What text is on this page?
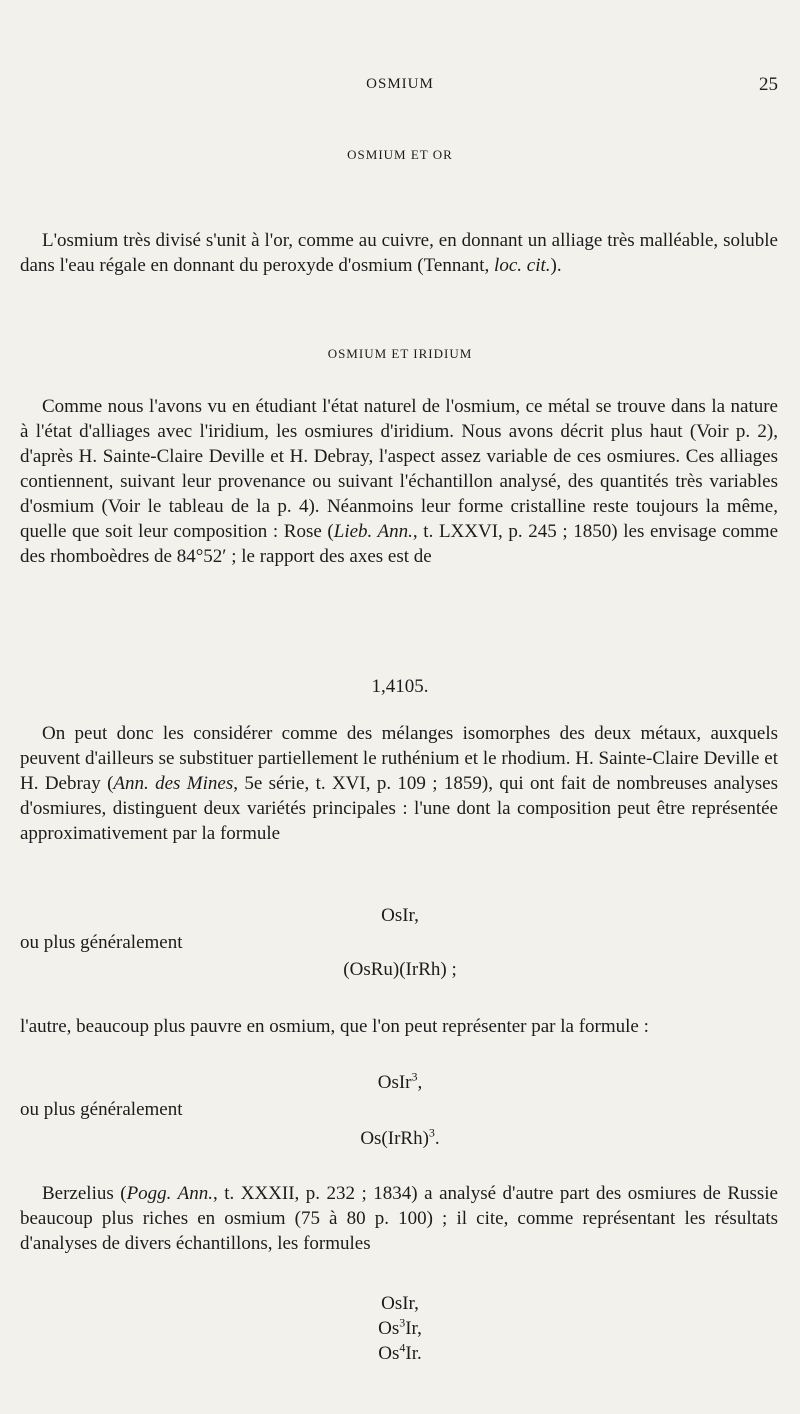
OSMIUM	25
OSMIUM ET OR
L'osmium très divisé s'unit à l'or, comme au cuivre, en donnant un alliage très malléable, soluble dans l'eau régale en donnant du peroxyde d'osmium (Tennant, loc. cit.).
OSMIUM ET IRIDIUM
Comme nous l'avons vu en étudiant l'état naturel de l'osmium, ce métal se trouve dans la nature à l'état d'alliages avec l'iridium, les osmiures d'iridium. Nous avons décrit plus haut (Voir p. 2), d'après H. Sainte-Claire Deville et H. Debray, l'aspect assez variable de ces osmiures. Ces alliages contiennent, suivant leur provenance ou suivant l'échantillon analysé, des quantités très variables d'osmium (Voir le tableau de la p. 4). Néanmoins leur forme cristalline reste toujours la même, quelle que soit leur composition : Rose (Lieb. Ann., t. LXXVI, p. 245 ; 1850) les envisage comme des rhomboèdres de 84°52′ ; le rapport des axes est de
1,4105.
On peut donc les considérer comme des mélanges isomorphes des deux métaux, auxquels peuvent d'ailleurs se substituer partiellement le ruthénium et le rhodium. H. Sainte-Claire Deville et H. Debray (Ann. des Mines, 5e série, t. XVI, p. 109 ; 1859), qui ont fait de nombreuses analyses d'osmiures, distinguent deux variétés principales : l'une dont la composition peut être représentée approximativement par la formule
OsIr,
ou plus généralement
(OsRu)(IrRh) ;
l'autre, beaucoup plus pauvre en osmium, que l'on peut représenter par la formule :
OsIr$^3$,
ou plus généralement
Os(IrRh)$^3$.
Berzelius (Pogg. Ann., t. XXXII, p. 232 ; 1834) a analysé d'autre part des osmiures de Russie beaucoup plus riches en osmium (75 à 80 p. 100) ; il cite, comme représentant les résultats d'analyses de divers échantillons, les formules
OsIr,
Os$^3$Ir,
Os$^4$Ir.
